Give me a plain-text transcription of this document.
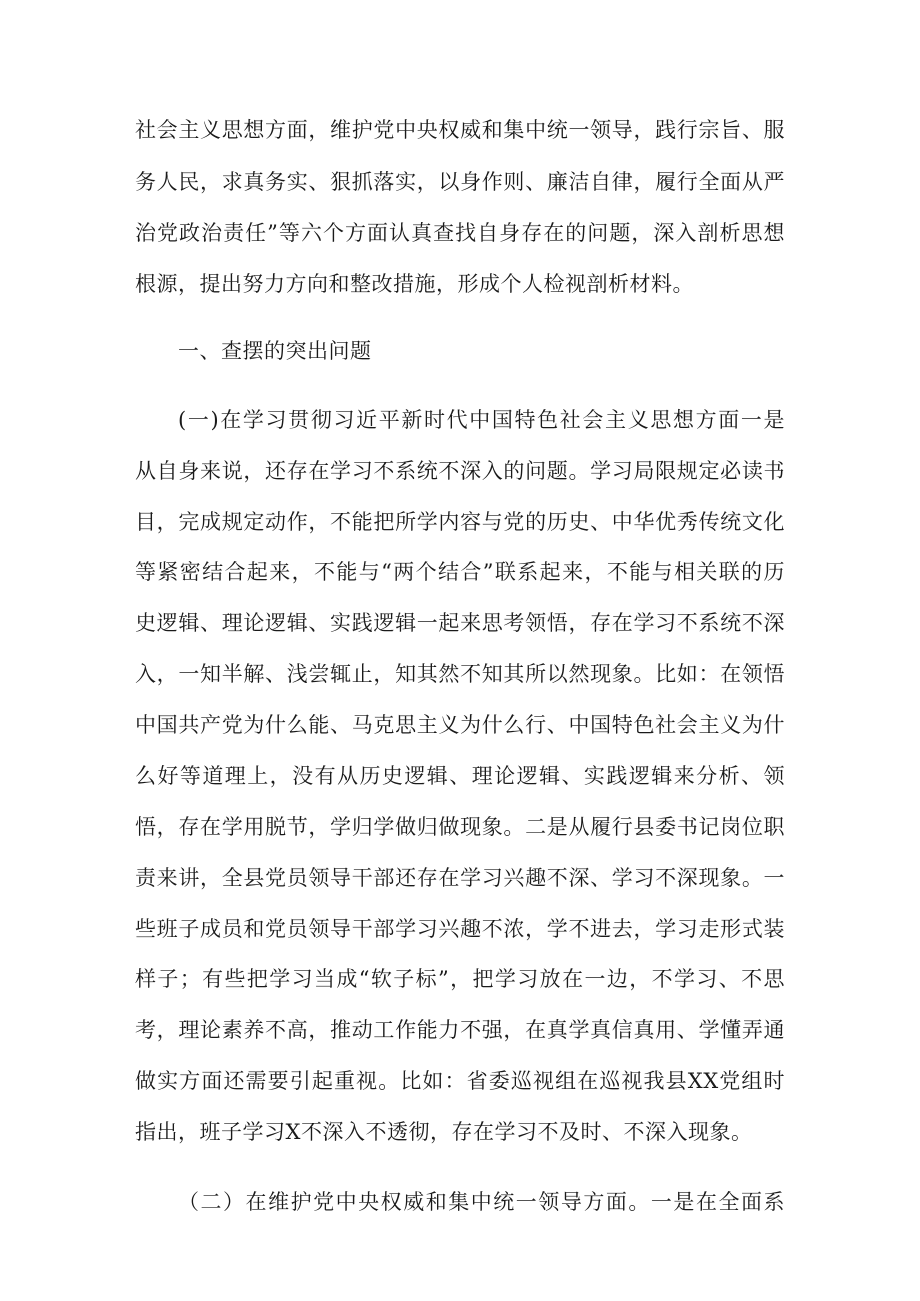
社会主义思想方面，维护党中央权威和集中统一领导，践行宗旨、服
务人民，求真务实、狠抓落实，以身作则、廉洁自律，履行全面从严
治党政治责任”等六个方面认真查找自身存在的问题，深入剖析思想
根源，提出努力方向和整改措施，形成个人检视剖析材料。
一、查摆的突出问题
(一)在学习贯彻习近平新时代中国特色社会主义思想方面一是
从自身来说，还存在学习不系统不深入的问题。学习局限规定必读书
目，完成规定动作，不能把所学内容与党的历史、中华优秀传统文化
等紧密结合起来，不能与“两个结合”联系起来，不能与相关联的历
史逻辑、理论逻辑、实践逻辑一起来思考领悟，存在学习不系统不深
入，一知半解、浅尝辄止，知其然不知其所以然现象。比如：在领悟
中国共产党为什么能、马克思主义为什么行、中国特色社会主义为什
么好等道理上，没有从历史逻辑、理论逻辑、实践逻辑来分析、领
悟，存在学用脱节，学归学做归做现象。二是从履行县委书记岗位职
责来讲，全县党员领导干部还存在学习兴趣不深、学习不深现象。一
些班子成员和党员领导干部学习兴趣不浓，学不进去，学习走形式装
样子；有些把学习当成“软子标”，把学习放在一边，不学习、不思
考，理论素养不高，推动工作能力不强，在真学真信真用、学懂弄通
做实方面还需要引起重视。比如：省委巡视组在巡视我县XX党组时
指出，班子学习X不深入不透彻，存在学习不及时、不深入现象。
（二）在维护党中央权威和集中统一领导方面。一是在全面系
